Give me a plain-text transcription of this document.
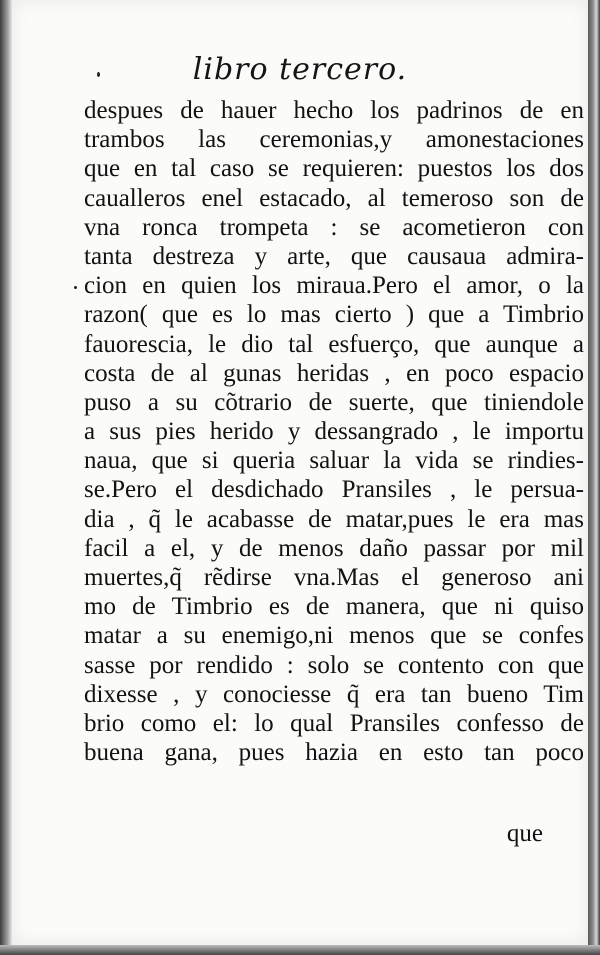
libro tercero.
despues de hauer hecho los padrinos de en
trambos las ceremonias,y amonestaciones
que en tal caso se requieren: puestos los dos
caualleros enel estacado, al temeroso son de
vna ronca trompeta : se acometieron con
tanta destreza y arte, que causaua admira-
cion en quien los miraua.Pero el amor, o la
razon( que es lo mas cierto ) que a Timbrio
fauorescia, le dio tal esfuerço, que aunque a
costa de al gunas heridas , en poco espacio
puso a su cõtrario de suerte, que tiniendole
a sus pies herido y dessangrado , le importu
naua, que si queria saluar la vida se rindies-
se.Pero el desdichado Pransiles , le persua-
dia , q̃ le acabasse de matar,pues le era mas
facil a el, y de menos daño passar por mil
muertes,q̃ rẽdirse vna.Mas el generoso ani
mo de Timbrio es de manera, que ni quiso
matar a su enemigo,ni menos que se confes
sasse por rendido : solo se contento con que
dixesse , y conociesse q̃ era tan bueno Tim
brio como el: lo qual Pransiles confesso de
buena gana, pues hazia en esto tan poco
que
